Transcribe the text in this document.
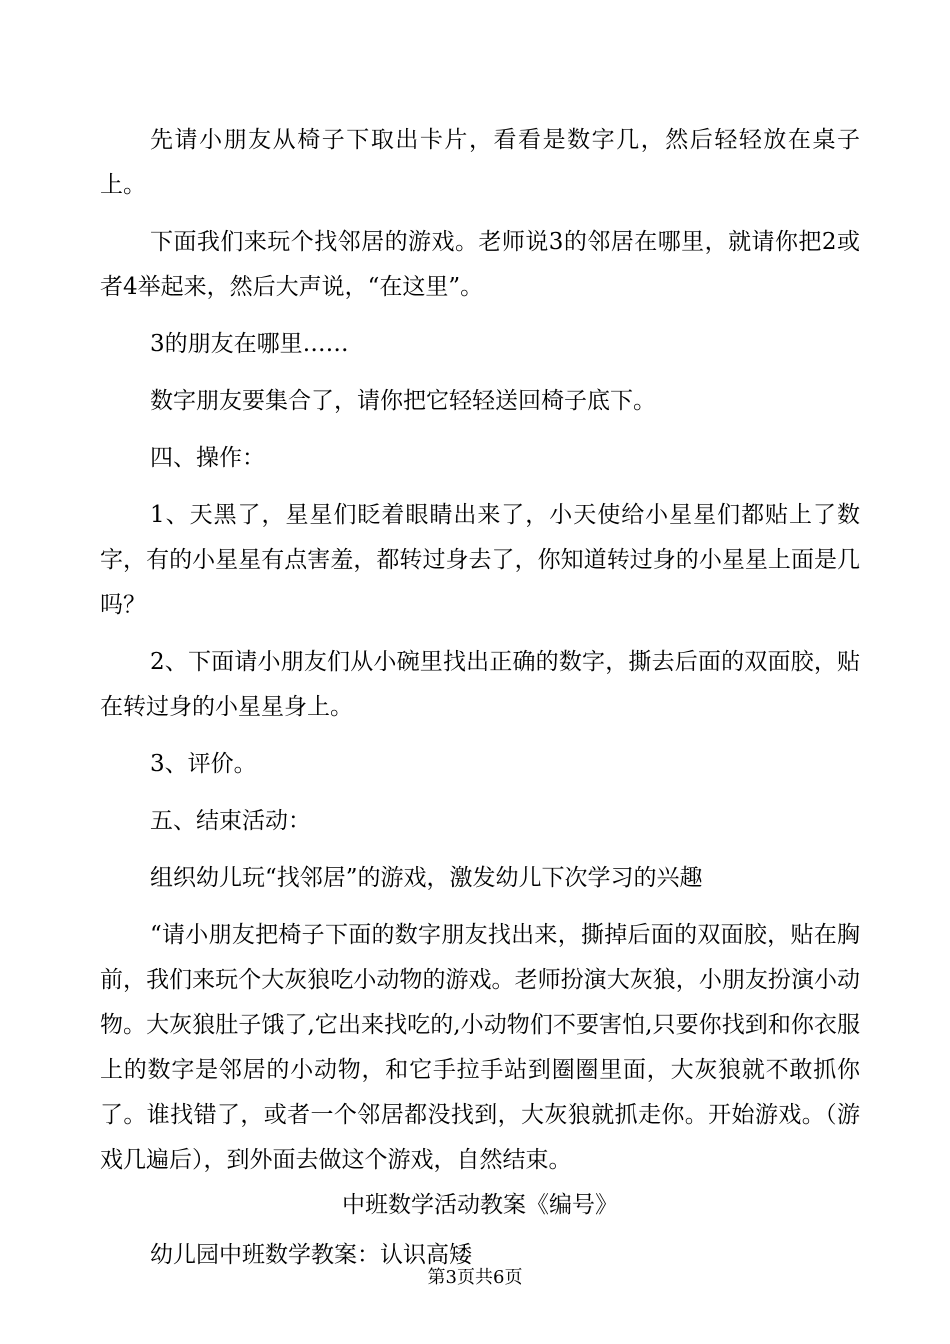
先请小朋友从椅子下取出卡片，看看是数字几，然后轻轻放在桌子上。

下面我们来玩个找邻居的游戏。老师说3的邻居在哪里，就请你把2或者4举起来，然后大声说，“在这里”。

3的朋友在哪里……

数字朋友要集合了，请你把它轻轻送回椅子底下。

四、操作：

1、天黑了，星星们眨着眼睛出来了，小天使给小星星们都贴上了数字，有的小星星有点害羞，都转过身去了，你知道转过身的小星星上面是几吗？

2、下面请小朋友们从小碗里找出正确的数字，撕去后面的双面胶，贴在转过身的小星星身上。

3、评价。

五、结束活动：

组织幼儿玩“找邻居”的游戏，激发幼儿下次学习的兴趣

“请小朋友把椅子下面的数字朋友找出来，撕掉后面的双面胶，贴在胸前，我们来玩个大灰狼吃小动物的游戏。老师扮演大灰狼，小朋友扮演小动物。大灰狼肚子饿了,它出来找吃的,小动物们不要害怕,只要你找到和你衣服上的数字是邻居的小动物，和它手拉手站到圈圈里面，大灰狼就不敢抓你了。谁找错了，或者一个邻居都没找到，大灰狼就抓走你。开始游戏。（游戏几遍后），到外面去做这个游戏，自然结束。

中班数学活动教案《编号》

幼儿园中班数学教案：认识高矮

第3页共6页
